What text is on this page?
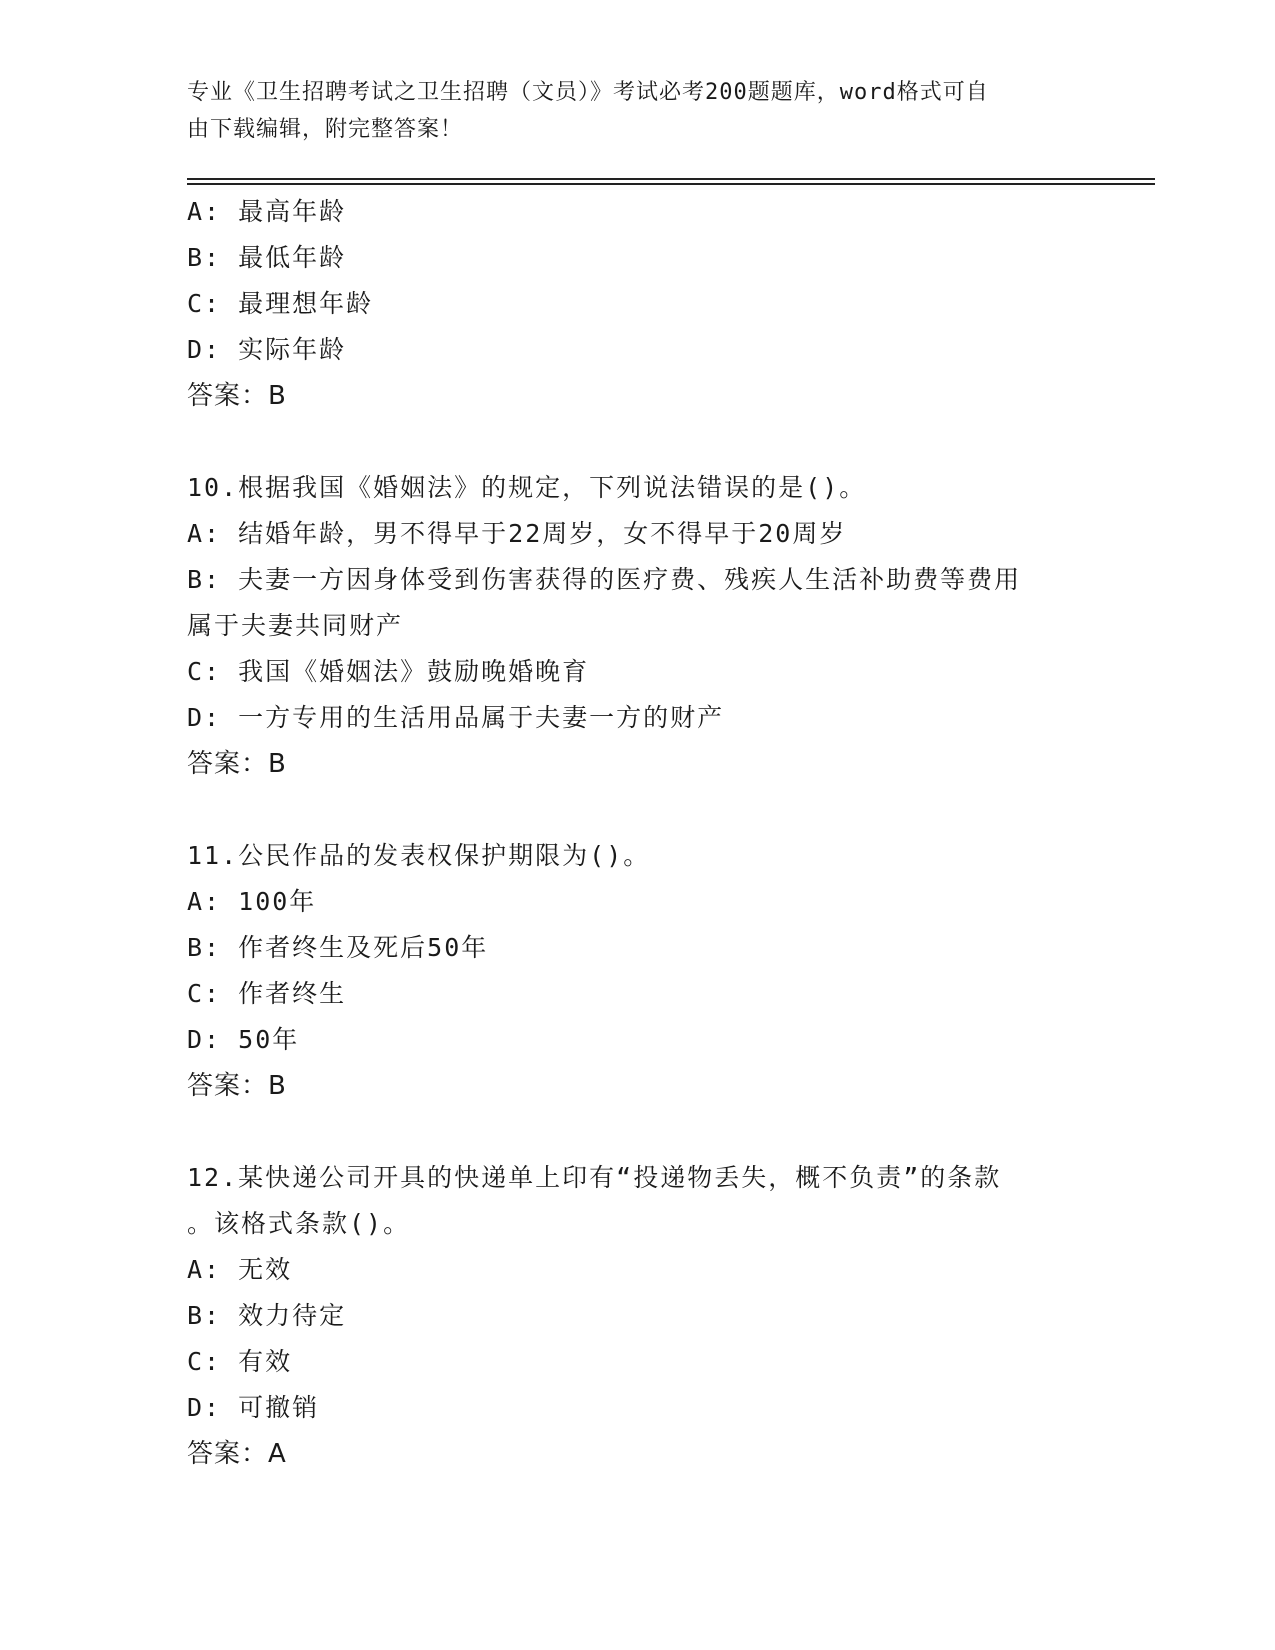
专业《卫生招聘考试之卫生招聘（文员）》考试必考200题题库，word格式可自
由下载编辑，附完整答案！
A: 最高年龄
B: 最低年龄
C: 最理想年龄
D: 实际年龄
答案：B
10.根据我国《婚姻法》的规定，下列说法错误的是()。
A: 结婚年龄，男不得早于22周岁，女不得早于20周岁
B: 夫妻一方因身体受到伤害获得的医疗费、残疾人生活补助费等费用
属于夫妻共同财产
C: 我国《婚姻法》鼓励晚婚晚育
D: 一方专用的生活用品属于夫妻一方的财产
答案：B
11.公民作品的发表权保护期限为()。
A: 100年
B: 作者终生及死后50年
C: 作者终生
D: 50年
答案：B
12.某快递公司开具的快递单上印有“投递物丢失，概不负责”的条款
。该格式条款()。
A: 无效
B: 效力待定
C: 有效
D: 可撤销
答案：A
